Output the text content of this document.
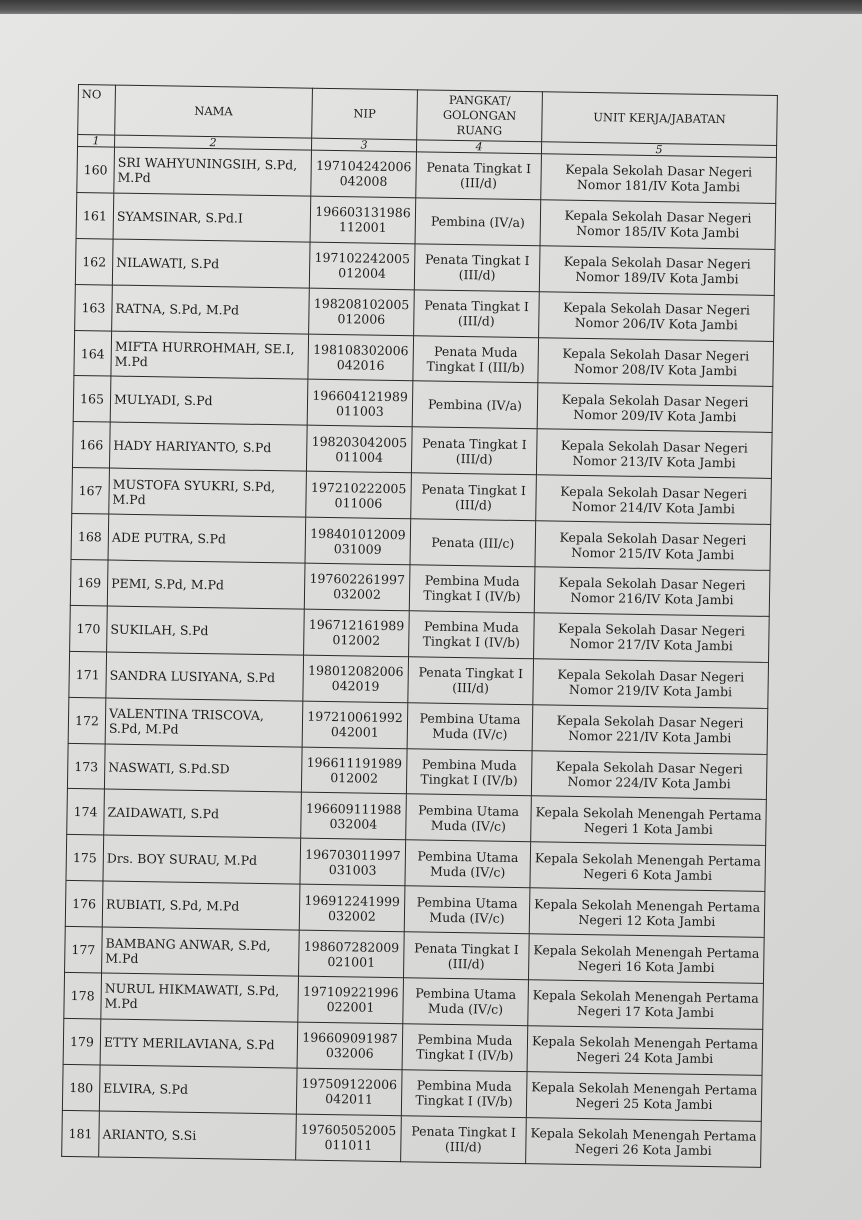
NO	NAMA	NIP	PANGKAT/ GOLONGAN RUANG	UNIT KERJA/JABATAN
1	2	3	4	5
160	SRI WAHYUNINGSIH, S.Pd, M.Pd	197104242006 042008	Penata Tingkat I (III/d)	Kepala Sekolah Dasar Negeri Nomor 181/IV Kota Jambi
161	SYAMSINAR, S.Pd.I	196603131986 112001	Pembina (IV/a)	Kepala Sekolah Dasar Negeri Nomor 185/IV Kota Jambi
162	NILAWATI, S.Pd	197102242005 012004	Penata Tingkat I (III/d)	Kepala Sekolah Dasar Negeri Nomor 189/IV Kota Jambi
163	RATNA, S.Pd, M.Pd	198208102005 012006	Penata Tingkat I (III/d)	Kepala Sekolah Dasar Negeri Nomor 206/IV Kota Jambi
164	MIFTA HURROHMAH, SE.I, M.Pd	198108302006 042016	Penata Muda Tingkat I (III/b)	Kepala Sekolah Dasar Negeri Nomor 208/IV Kota Jambi
165	MULYADI, S.Pd	196604121989 011003	Pembina (IV/a)	Kepala Sekolah Dasar Negeri Nomor 209/IV Kota Jambi
166	HADY HARIYANTO, S.Pd	198203042005 011004	Penata Tingkat I (III/d)	Kepala Sekolah Dasar Negeri Nomor 213/IV Kota Jambi
167	MUSTOFA SYUKRI, S.Pd, M.Pd	197210222005 011006	Penata Tingkat I (III/d)	Kepala Sekolah Dasar Negeri Nomor 214/IV Kota Jambi
168	ADE PUTRA, S.Pd	198401012009 031009	Penata (III/c)	Kepala Sekolah Dasar Negeri Nomor 215/IV Kota Jambi
169	PEMI, S.Pd, M.Pd	197602261997 032002	Pembina Muda Tingkat I (IV/b)	Kepala Sekolah Dasar Negeri Nomor 216/IV Kota Jambi
170	SUKILAH, S.Pd	196712161989 012002	Pembina Muda Tingkat I (IV/b)	Kepala Sekolah Dasar Negeri Nomor 217/IV Kota Jambi
171	SANDRA LUSIYANA, S.Pd	198012082006 042019	Penata Tingkat I (III/d)	Kepala Sekolah Dasar Negeri Nomor 219/IV Kota Jambi
172	VALENTINA TRISCOVA, S.Pd, M.Pd	197210061992 042001	Pembina Utama Muda (IV/c)	Kepala Sekolah Dasar Negeri Nomor 221/IV Kota Jambi
173	NASWATI, S.Pd.SD	196611191989 012002	Pembina Muda Tingkat I (IV/b)	Kepala Sekolah Dasar Negeri Nomor 224/IV Kota Jambi
174	ZAIDAWATI, S.Pd	196609111988 032004	Pembina Utama Muda (IV/c)	Kepala Sekolah Menengah Pertama Negeri 1 Kota Jambi
175	Drs. BOY SURAU, M.Pd	196703011997 031003	Pembina Utama Muda (IV/c)	Kepala Sekolah Menengah Pertama Negeri 6 Kota Jambi
176	RUBIATI, S.Pd, M.Pd	196912241999 032002	Pembina Utama Muda (IV/c)	Kepala Sekolah Menengah Pertama Negeri 12 Kota Jambi
177	BAMBANG ANWAR, S.Pd, M.Pd	198607282009 021001	Penata Tingkat I (III/d)	Kepala Sekolah Menengah Pertama Negeri 16 Kota Jambi
178	NURUL HIKMAWATI, S.Pd, M.Pd	197109221996 022001	Pembina Utama Muda (IV/c)	Kepala Sekolah Menengah Pertama Negeri 17 Kota Jambi
179	ETTY MERILAVIANA, S.Pd	196609091987 032006	Pembina Muda Tingkat I (IV/b)	Kepala Sekolah Menengah Pertama Negeri 24 Kota Jambi
180	ELVIRA, S.Pd	197509122006 042011	Pembina Muda Tingkat I (IV/b)	Kepala Sekolah Menengah Pertama Negeri 25 Kota Jambi
181	ARIANTO, S.Si	197605052005 011011	Penata Tingkat I (III/d)	Kepala Sekolah Menengah Pertama Negeri 26 Kota Jambi
